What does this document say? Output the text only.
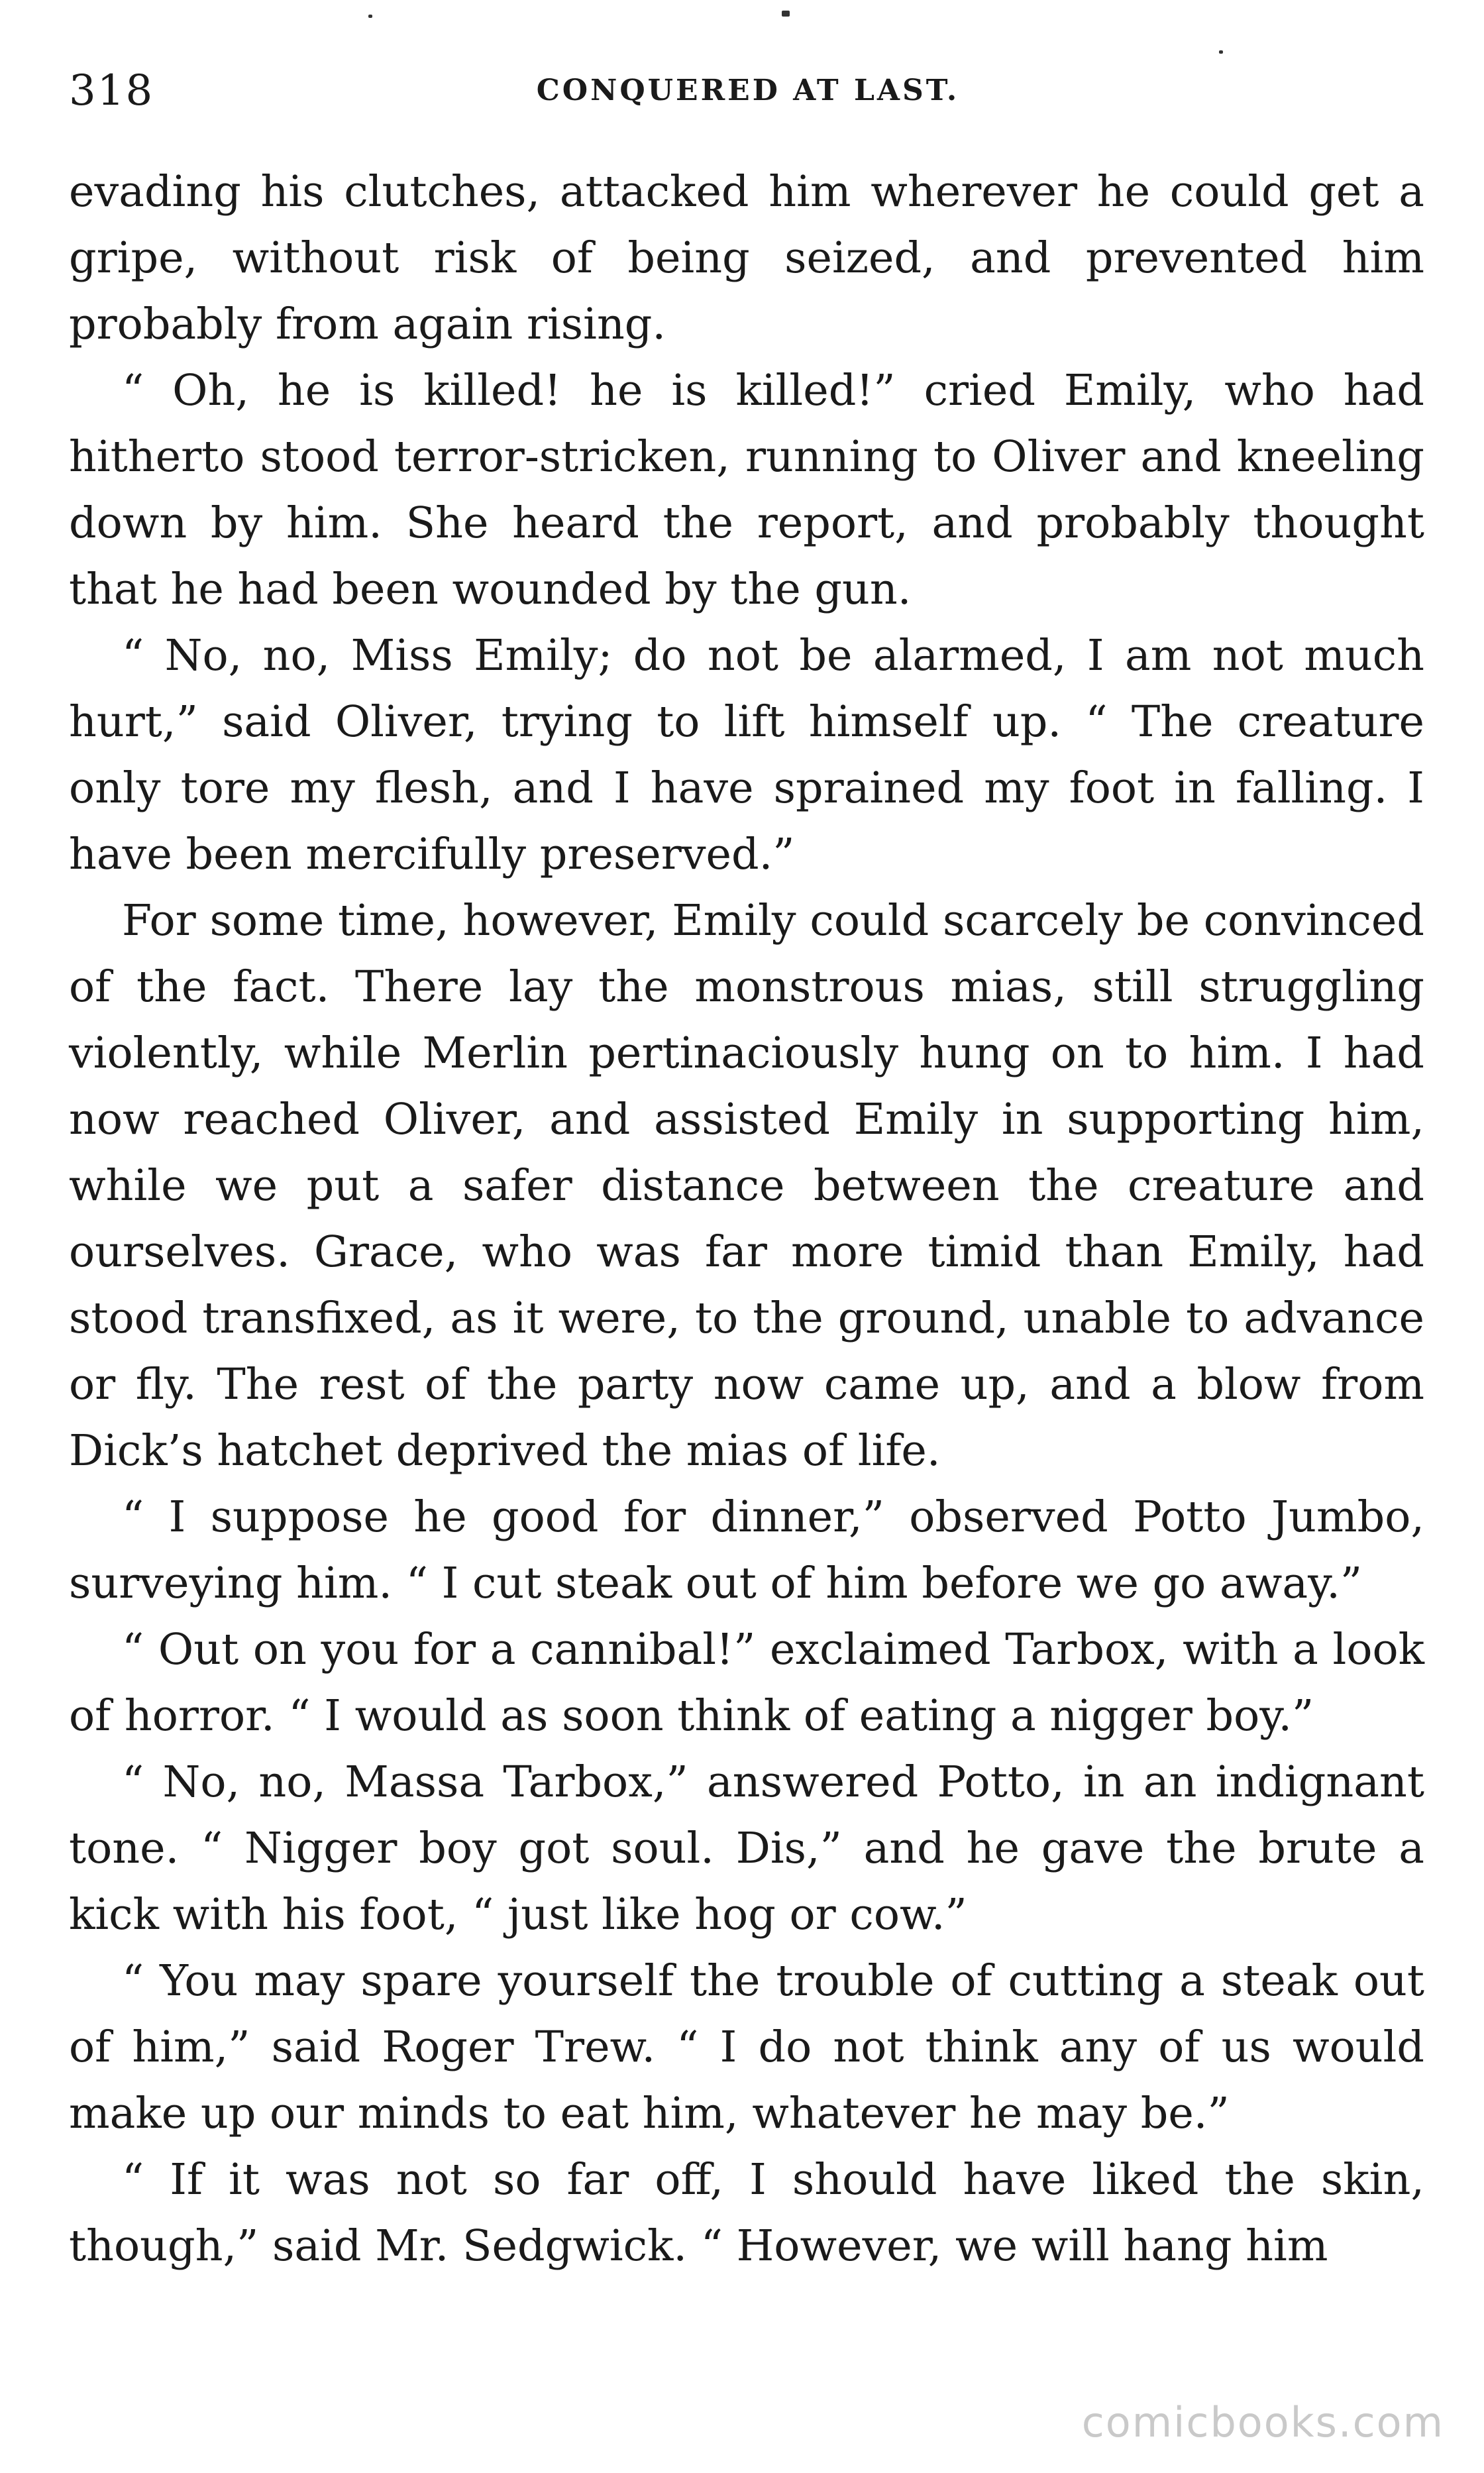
318	CONQUERED AT LAST.

evading his clutches, attacked him wherever he could get a gripe, without risk of being seized, and prevented him probably from again rising.

“ Oh, he is killed! he is killed!” cried Emily, who had hitherto stood terror-stricken, running to Oliver and kneeling down by him. She heard the report, and probably thought that he had been wounded by the gun.

“ No, no, Miss Emily; do not be alarmed, I am not much hurt,” said Oliver, trying to lift himself up. “ The creature only tore my flesh, and I have sprained my foot in falling. I have been mercifully preserved.”

For some time, however, Emily could scarcely be convinced of the fact. There lay the monstrous mias, still struggling violently, while Merlin pertinaciously hung on to him. I had now reached Oliver, and assisted Emily in supporting him, while we put a safer distance between the creature and ourselves. Grace, who was far more timid than Emily, had stood transfixed, as it were, to the ground, unable to advance or fly. The rest of the party now came up, and a blow from Dick’s hatchet deprived the mias of life.

“ I suppose he good for dinner,” observed Potto Jumbo, surveying him. “ I cut steak out of him before we go away.”

“ Out on you for a cannibal!” exclaimed Tarbox, with a look of horror. “ I would as soon think of eating a nigger boy.”

“ No, no, Massa Tarbox,” answered Potto, in an indignant tone. “ Nigger boy got soul. Dis,” and he gave the brute a kick with his foot, “ just like hog or cow.”

“ You may spare yourself the trouble of cutting a steak out of him,” said Roger Trew. “ I do not think any of us would make up our minds to eat him, whatever he may be.”

“ If it was not so far off, I should have liked the skin, though,” said Mr. Sedgwick. “ However, we will hang him

comicbooks.com
